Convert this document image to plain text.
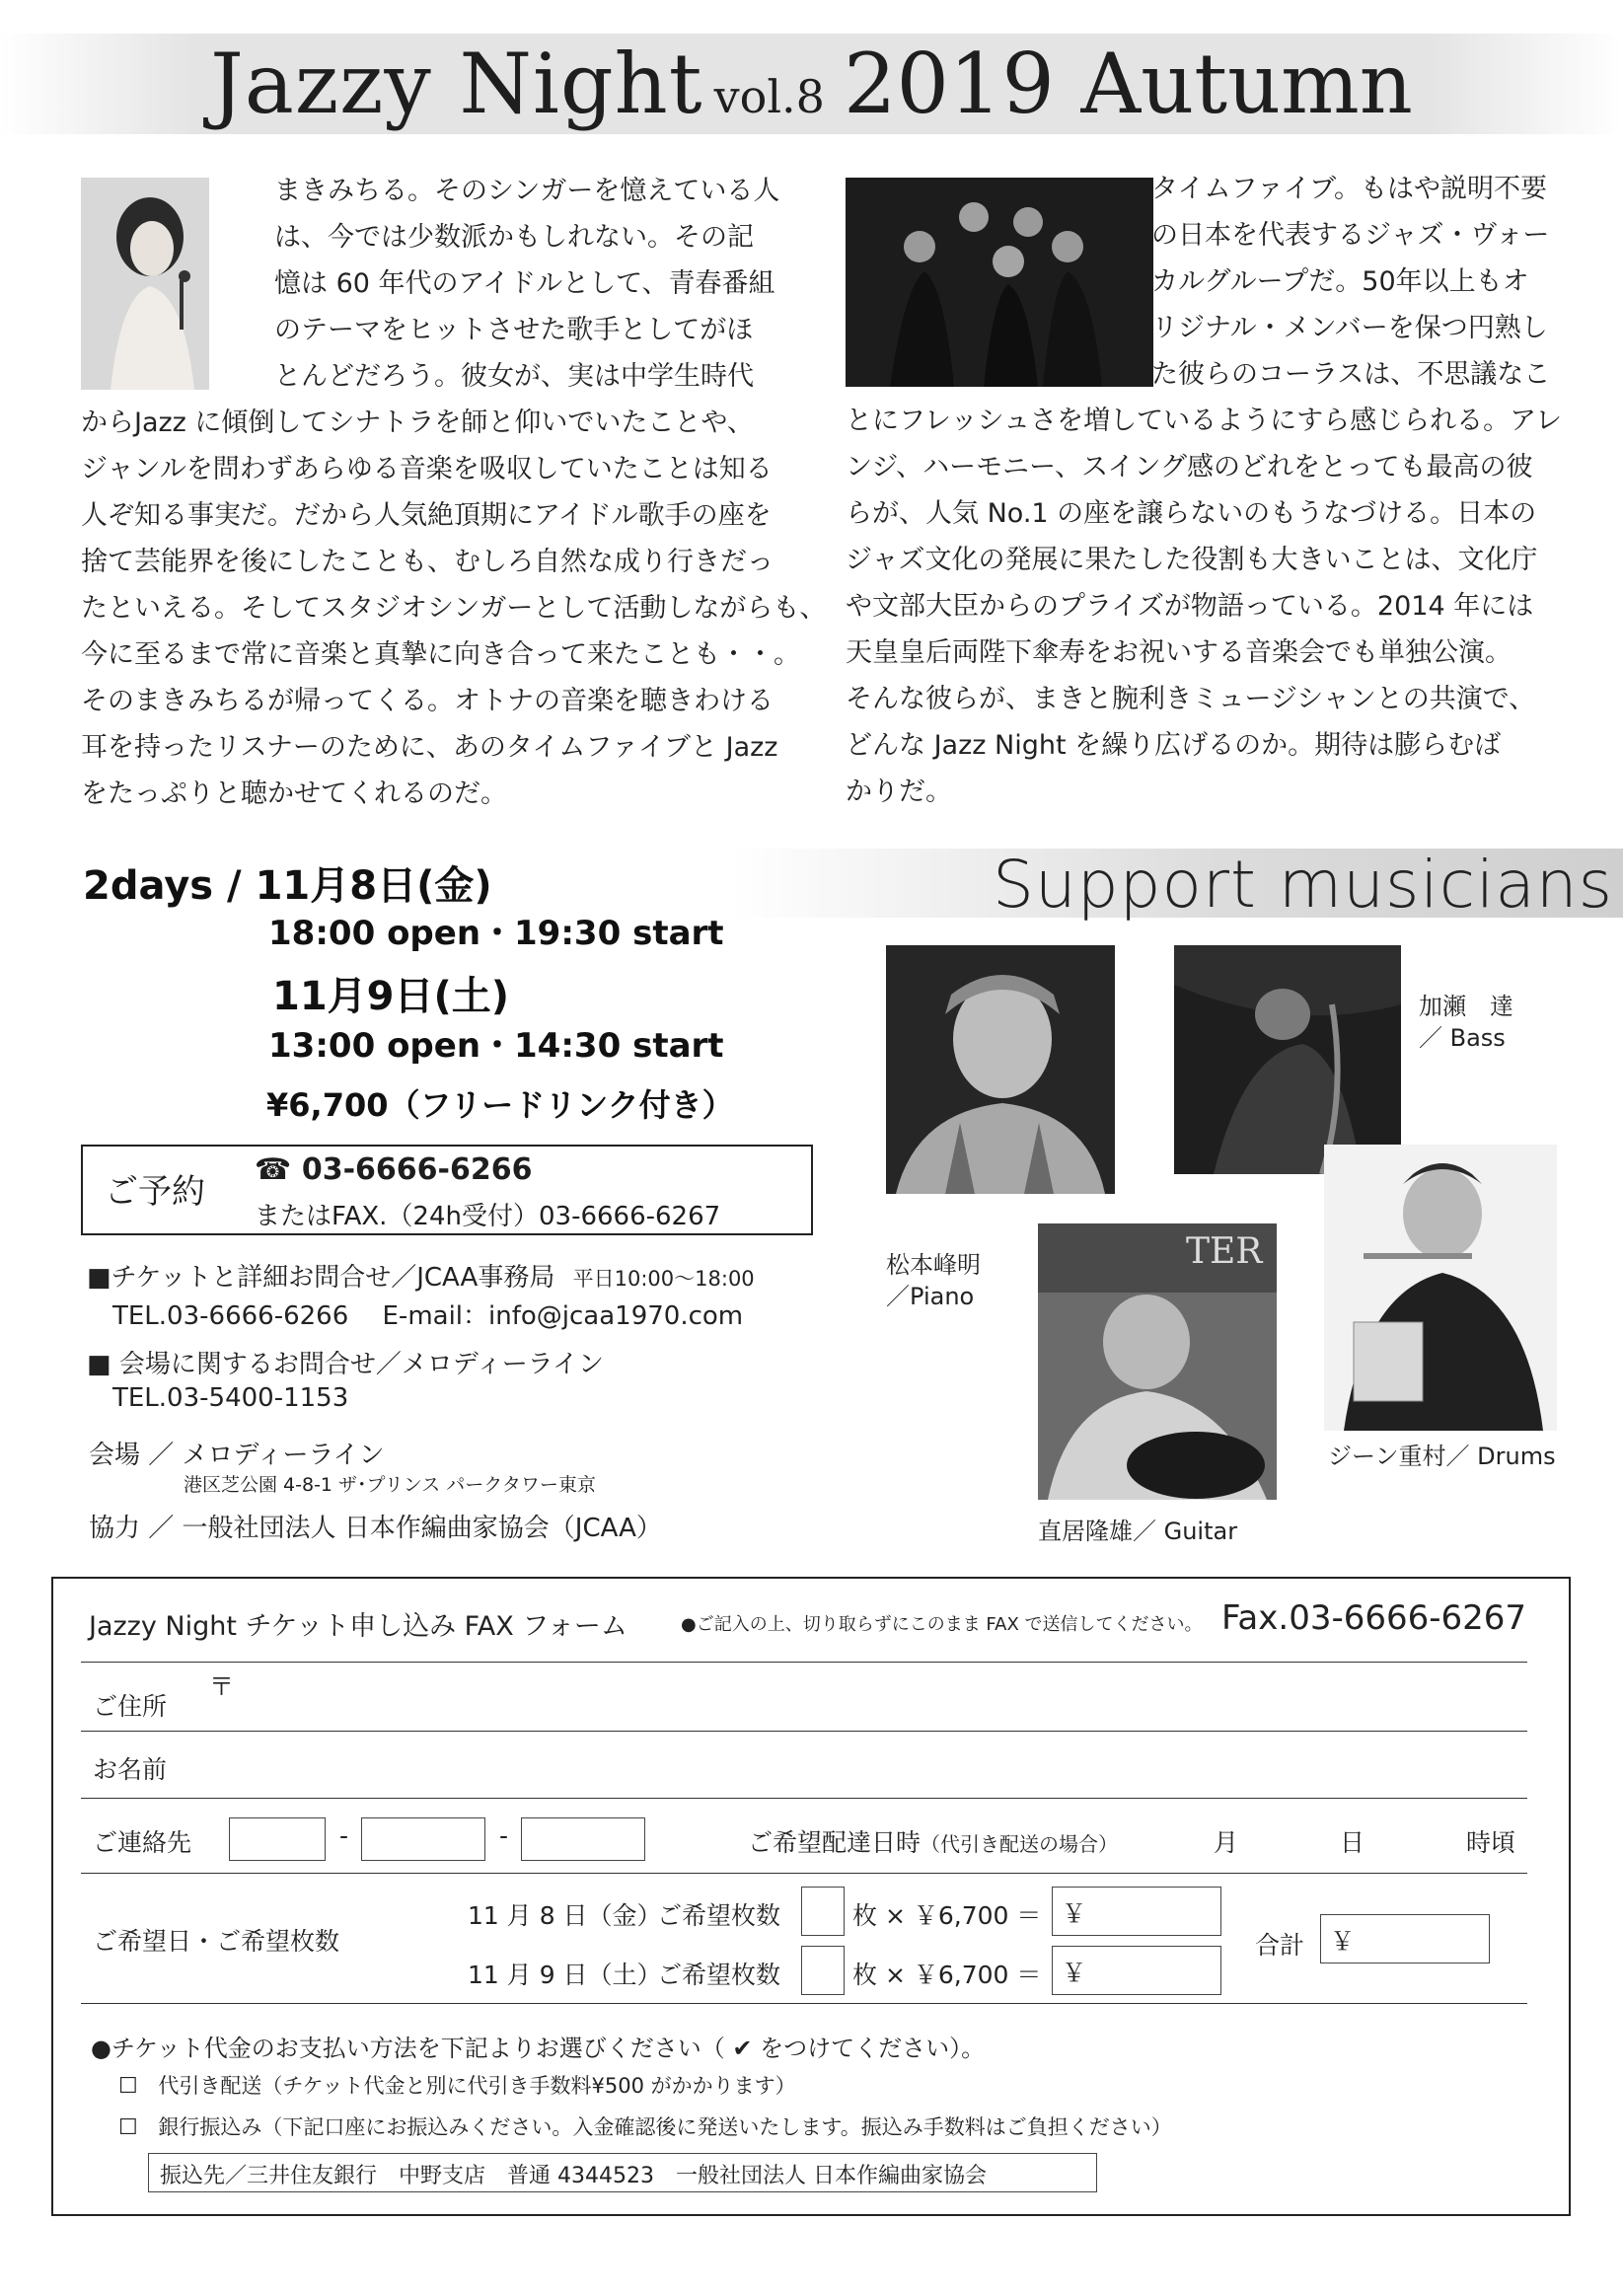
Jazzy Night vol.8 2019 Autumn

まきみちる。そのシンガーを憶えている人

は、今では少数派かもしれない。その記

憶は 60 年代のアイドルとして、青春番組

のテーマをヒットさせた歌手としてがほ

とんどだろう。彼女が、実は中学生時代

からJazz に傾倒してシナトラを師と仰いでいたことや、

ジャンルを問わずあらゆる音楽を吸収していたことは知る

人ぞ知る事実だ。だから人気絶頂期にアイドル歌手の座を

捨て芸能界を後にしたことも、むしろ自然な成り行きだっ

たといえる。そしてスタジオシンガーとして活動しながらも、

今に至るまで常に音楽と真摯に向き合って来たことも・・。

そのまきみちるが帰ってくる。オトナの音楽を聴きわける

耳を持ったリスナーのために、あのタイムファイブと Jazz

をたっぷりと聴かせてくれるのだ。

タイムファイブ。もはや説明不要

の日本を代表するジャズ・ヴォー

カルグループだ。50年以上もオ

リジナル・メンバーを保つ円熟し

た彼らのコーラスは、不思議なこ

とにフレッシュさを増しているようにすら感じられる。アレ

ンジ、ハーモニー、スイング感のどれをとっても最高の彼

らが、人気 No.1 の座を譲らないのもうなづける。日本の

ジャズ文化の発展に果たした役割も大きいことは、文化庁

や文部大臣からのプライズが物語っている。2014 年には

天皇皇后両陛下傘寿をお祝いする音楽会でも単独公演。

そんな彼らが、まきと腕利きミュージシャンとの共演で、

どんな Jazz Night を繰り広げるのか。期待は膨らむば

かりだ。

2days / 11月8日(金)
18:00 open・19:30 start
11月9日(土)
13:00 open・14:30 start
¥6,700（フリードリンク付き）
ご予約
☎ 03-6666-6266
またはFAX.（24h受付）03-6666-6267
■チケットと詳細お問合せ／JCAA事務局 平日10:00〜18:00
TEL.03-6666-6266　 E-mail：info@jcaa1970.com
■ 会場に関するお問合せ／メロディーライン
TEL.03-5400-1153
会場 ／ メロディーライン
港区芝公園 4-8-1 ザ･プリンス パークタワー東京
協力 ／ 一般社団法人 日本作編曲家協会（JCAA）
Support musicians
TER
松本峰明
／Piano
加瀬　達
／ Bass
直居隆雄／ Guitar
ジーン重村／ Drums
Jazzy Night チケット申し込み FAX フォーム	●ご記入の上、切り取らずにこのまま FAX で送信してください。 Fax.03-6666-6267
ご住所
〒
お名前
ご連絡先	-	-	ご希望配達日時（代引き配送の場合）	月	日	時頃
ご希望日・ご希望枚数
11 月 8 日（金）
ご希望枚数	枚 × ￥6,700 ＝ ￥
11 月 9 日（土）
ご希望枚数	枚 × ￥6,700 ＝ ￥
合計 ￥
●チケット代金のお支払い方法を下記よりお選びください（ ✔ をつけてください）。
☐ 代引き配送（チケット代金と別に代引き手数料¥500 がかかります）
☐ 銀行振込み（下記口座にお振込みください。入金確認後に発送いたします。振込み手数料はご負担ください）
振込先／三井住友銀行　中野支店　普通 4344523　一般社団法人 日本作編曲家協会
